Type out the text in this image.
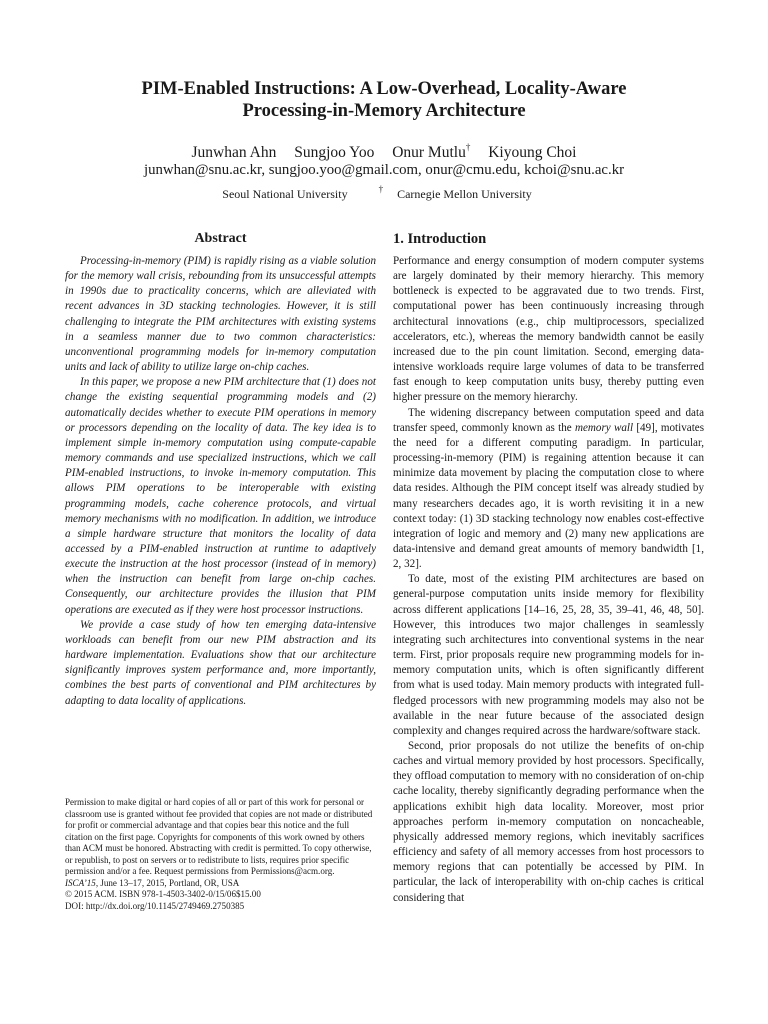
PIM-Enabled Instructions: A Low-Overhead, Locality-Aware
Processing-in-Memory Architecture
Junwhan Ahn Sungjoo Yoo Onur Mutlu† Kiyoung Choi
junwhan@snu.ac.kr, sungjoo.yoo@gmail.com, onur@cmu.edu, kchoi@snu.ac.kr
Seoul National University	† Carnegie Mellon University
Abstract

Processing-in-memory (PIM) is rapidly rising as a viable solution for the memory wall crisis, rebounding from its unsuccessful attempts in 1990s due to practicality concerns, which are alleviated with recent advances in 3D stacking technologies. However, it is still challenging to integrate the PIM architectures with existing systems in a seamless manner due to two common characteristics: unconventional programming models for in-memory computation units and lack of ability to utilize large on-chip caches.

In this paper, we propose a new PIM architecture that (1) does not change the existing sequential programming models and (2) automatically decides whether to execute PIM operations in memory or processors depending on the locality of data. The key idea is to implement simple in-memory computation using compute-capable memory commands and use specialized instructions, which we call PIM-enabled instructions, to invoke in-memory computation. This allows PIM operations to be interoperable with existing programming models, cache coherence protocols, and virtual memory mechanisms with no modification. In addition, we introduce a simple hardware structure that monitors the locality of data accessed by a PIM-enabled instruction at runtime to adaptively execute the instruction at the host processor (instead of in memory) when the instruction can benefit from large on-chip caches. Consequently, our architecture provides the illusion that PIM operations are executed as if they were host processor instructions.

We provide a case study of how ten emerging data-intensive workloads can benefit from our new PIM abstraction and its hardware implementation. Evaluations show that our architecture significantly improves system performance and, more importantly, combines the best parts of conventional and PIM architectures by adapting to data locality of applications.

Permission to make digital or hard copies of all or part of this work for personal or classroom use is granted without fee provided that copies are not made or distributed for profit or commercial advantage and that copies bear this notice and the full citation on the first page. Copyrights for components of this work owned by others than ACM must be honored. Abstracting with credit is permitted. To copy otherwise, or republish, to post on servers or to redistribute to lists, requires prior specific permission and/or a fee. Request permissions from Permissions@acm.org.
ISCA’15, June 13–17, 2015, Portland, OR, USA
© 2015 ACM. ISBN 978-1-4503-3402-0/15/06$15.00
DOI: http://dx.doi.org/10.1145/2749469.2750385
1. Introduction

Performance and energy consumption of modern computer systems are largely dominated by their memory hierarchy. This memory bottleneck is expected to be aggravated due to two trends. First, computational power has been continuously increasing through architectural innovations (e.g., chip multiprocessors, specialized accelerators, etc.), whereas the memory bandwidth cannot be easily increased due to the pin count limitation. Second, emerging data-intensive workloads require large volumes of data to be transferred fast enough to keep computation units busy, thereby putting even higher pressure on the memory hierarchy.

The widening discrepancy between computation speed and data transfer speed, commonly known as the memory wall [49], motivates the need for a different computing paradigm. In particular, processing-in-memory (PIM) is regaining attention because it can minimize data movement by placing the computation close to where data resides. Although the PIM concept itself was already studied by many researchers decades ago, it is worth revisiting it in a new context today: (1) 3D stacking technology now enables cost-effective integration of logic and memory and (2) many new applications are data-intensive and demand great amounts of memory bandwidth [1, 2, 32].

To date, most of the existing PIM architectures are based on general-purpose computation units inside memory for flexibility across different applications [14–16, 25, 28, 35, 39–41, 46, 48, 50]. However, this introduces two major challenges in seamlessly integrating such architectures into conventional systems in the near term. First, prior proposals require new programming models for in-memory computation units, which is often significantly different from what is used today. Main memory products with integrated full-fledged processors with new programming models may also not be available in the near future because of the associated design complexity and changes required across the hardware/software stack.

Second, prior proposals do not utilize the benefits of on-chip caches and virtual memory provided by host processors. Specifically, they offload computation to memory with no consideration of on-chip cache locality, thereby significantly degrading performance when the applications exhibit high data locality. Moreover, most prior approaches perform in-memory computation on noncacheable, physically addressed memory regions, which inevitably sacrifices efficiency and safety of all memory accesses from host processors to memory regions that can potentially be accessed by PIM. In particular, the lack of interoperability with on-chip caches is critical considering that
